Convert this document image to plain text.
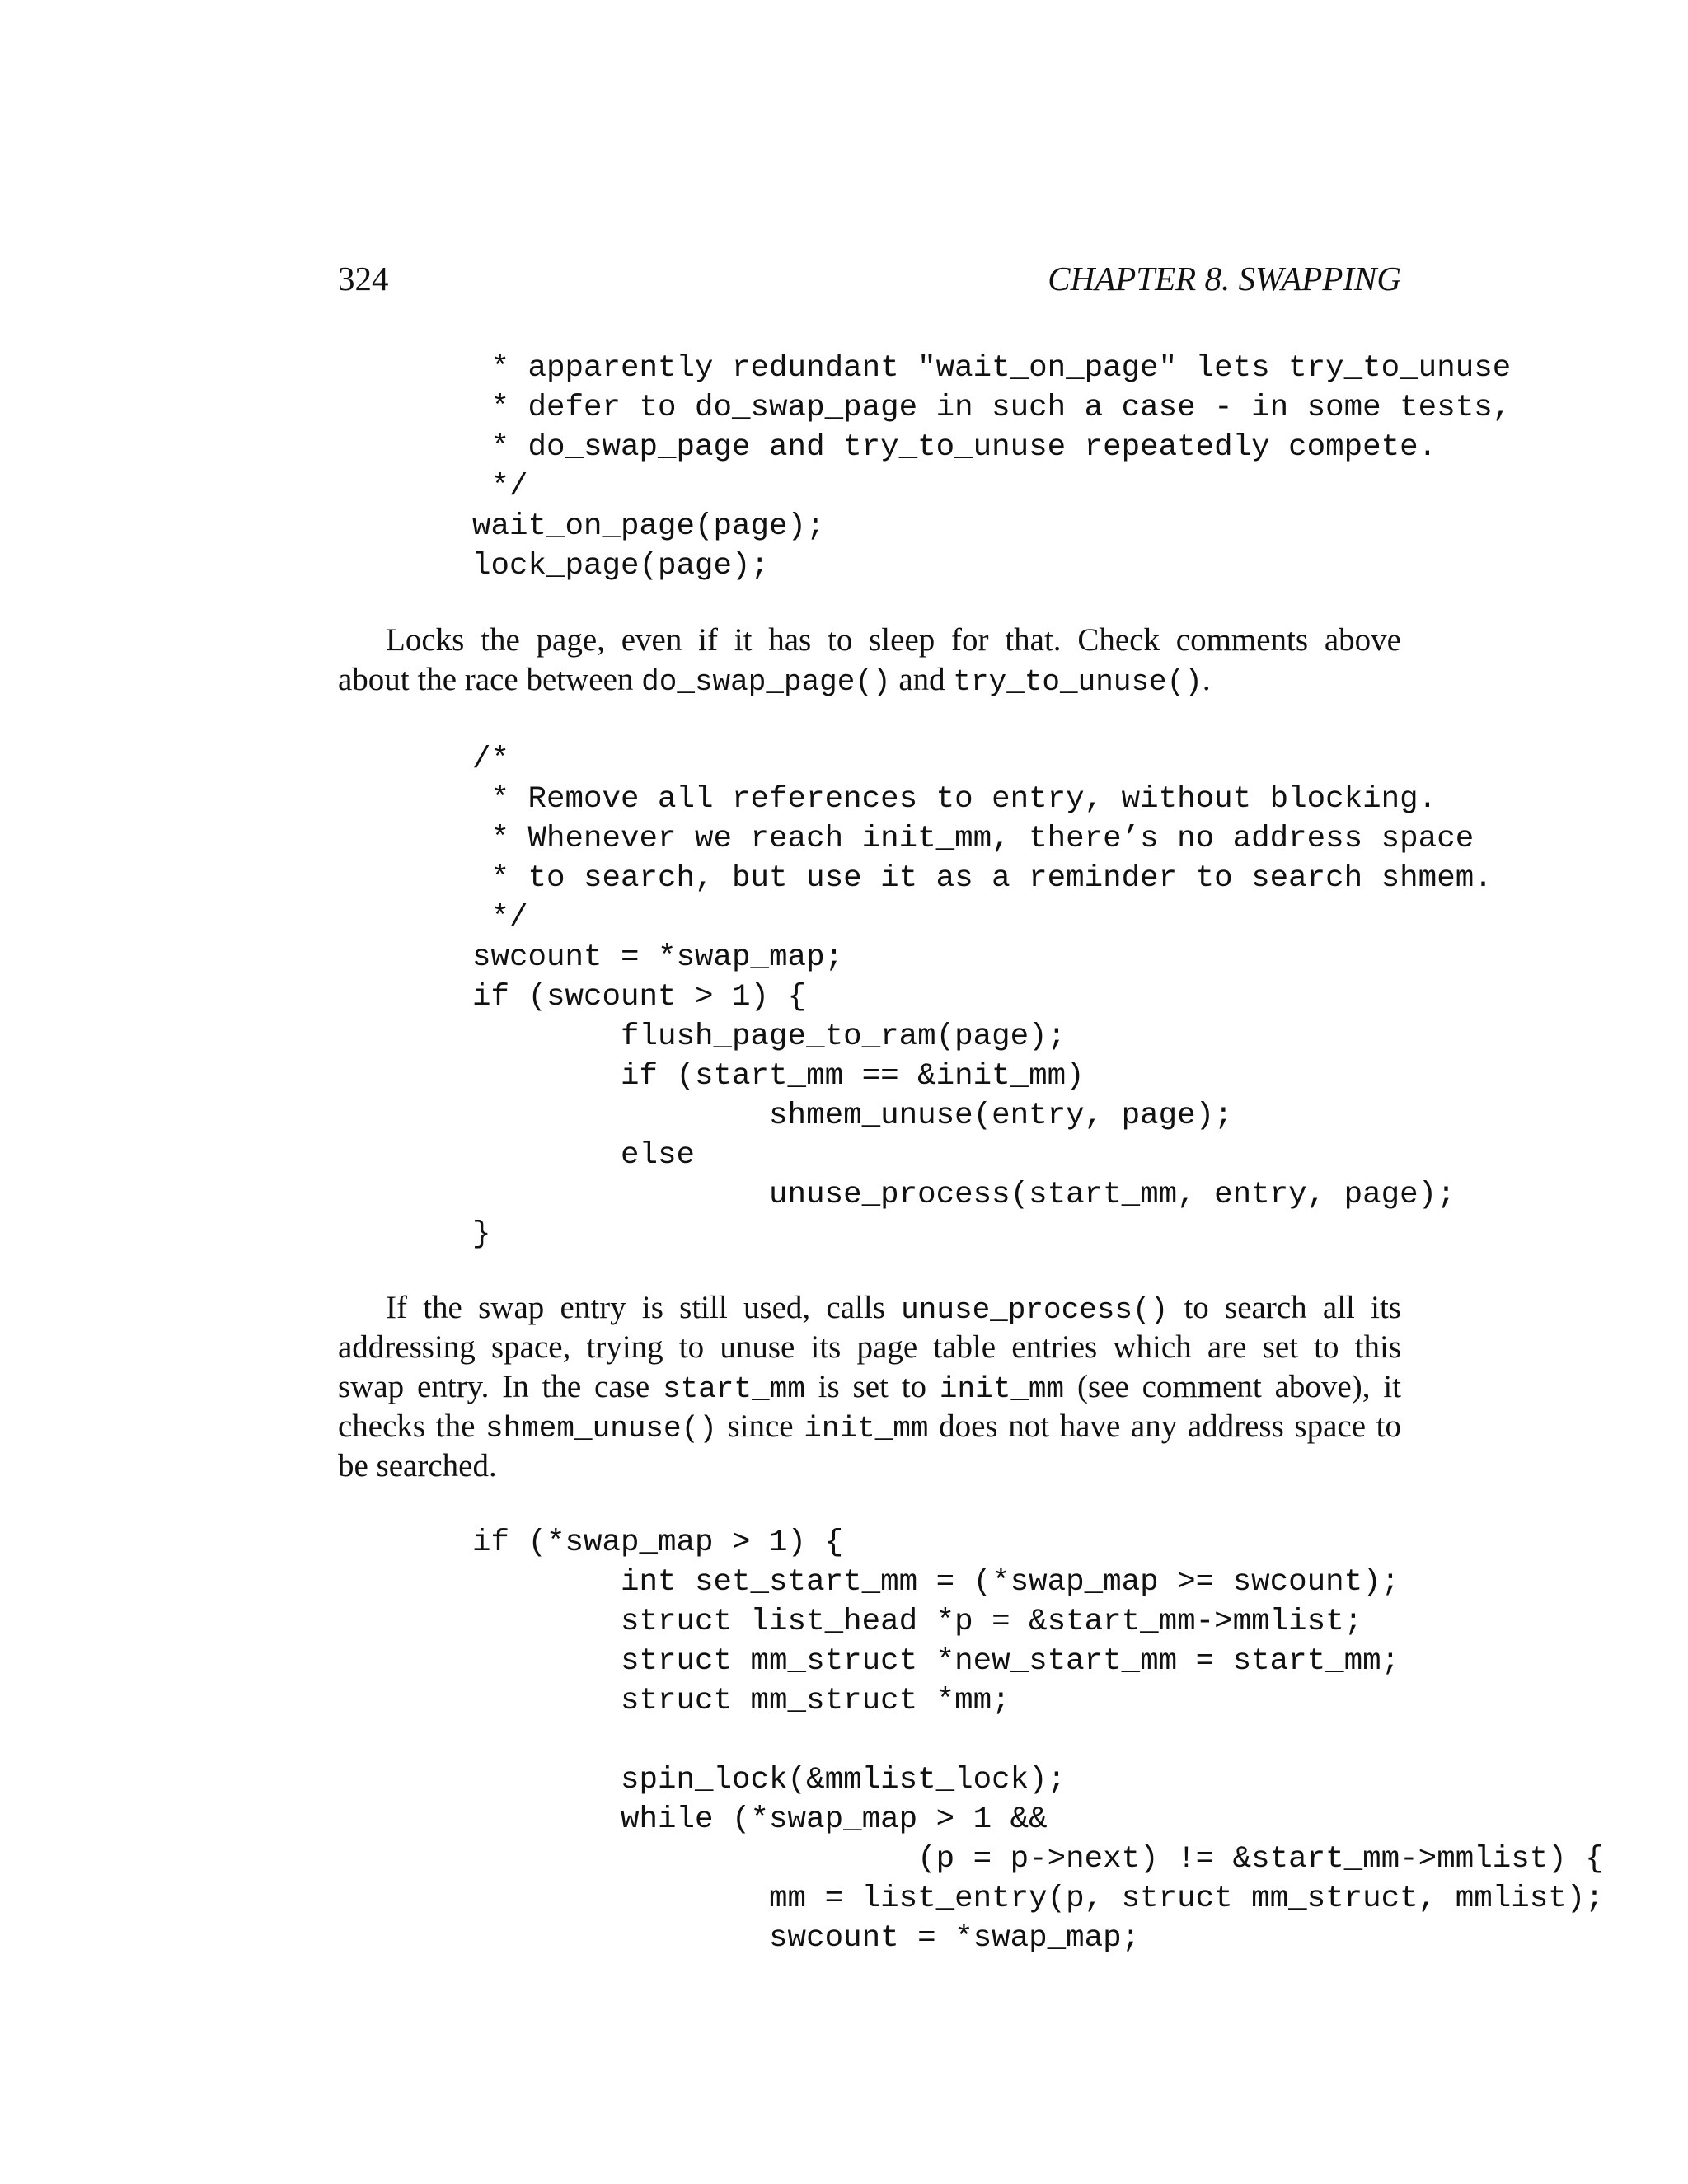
324	CHAPTER 8. SWAPPING
* apparently redundant "wait_on_page" lets try_to_unuse
* defer to do_swap_page in such a case - in some tests,
* do_swap_page and try_to_unuse repeatedly compete.
*/
wait_on_page(page);
lock_page(page);
Locks the page, even if it has to sleep for that. Check comments above
about the race between do_swap_page() and try_to_unuse().
/*
* Remove all references to entry, without blocking.
* Whenever we reach init_mm, there’s no address space
* to search, but use it as a reminder to search shmem.
*/
swcount = *swap_map;
if (swcount > 1) {
flush_page_to_ram(page);
if (start_mm == &init_mm)
shmem_unuse(entry, page);
else
unuse_process(start_mm, entry, page);
}
If the swap entry is still used, calls unuse_process() to search all its
addressing space, trying to unuse its page table entries which are set to this
swap entry. In the case start_mm is set to init_mm (see comment above), it
checks the shmem_unuse() since init_mm does not have any address space to
be searched.
if (*swap_map > 1) {
int set_start_mm = (*swap_map >= swcount);
struct list_head *p = &start_mm->mmlist;
struct mm_struct *new_start_mm = start_mm;
struct mm_struct *mm;
spin_lock(&mmlist_lock);
while (*swap_map > 1 &&
(p = p->next) != &start_mm->mmlist) {
mm = list_entry(p, struct mm_struct, mmlist);
swcount = *swap_map;
